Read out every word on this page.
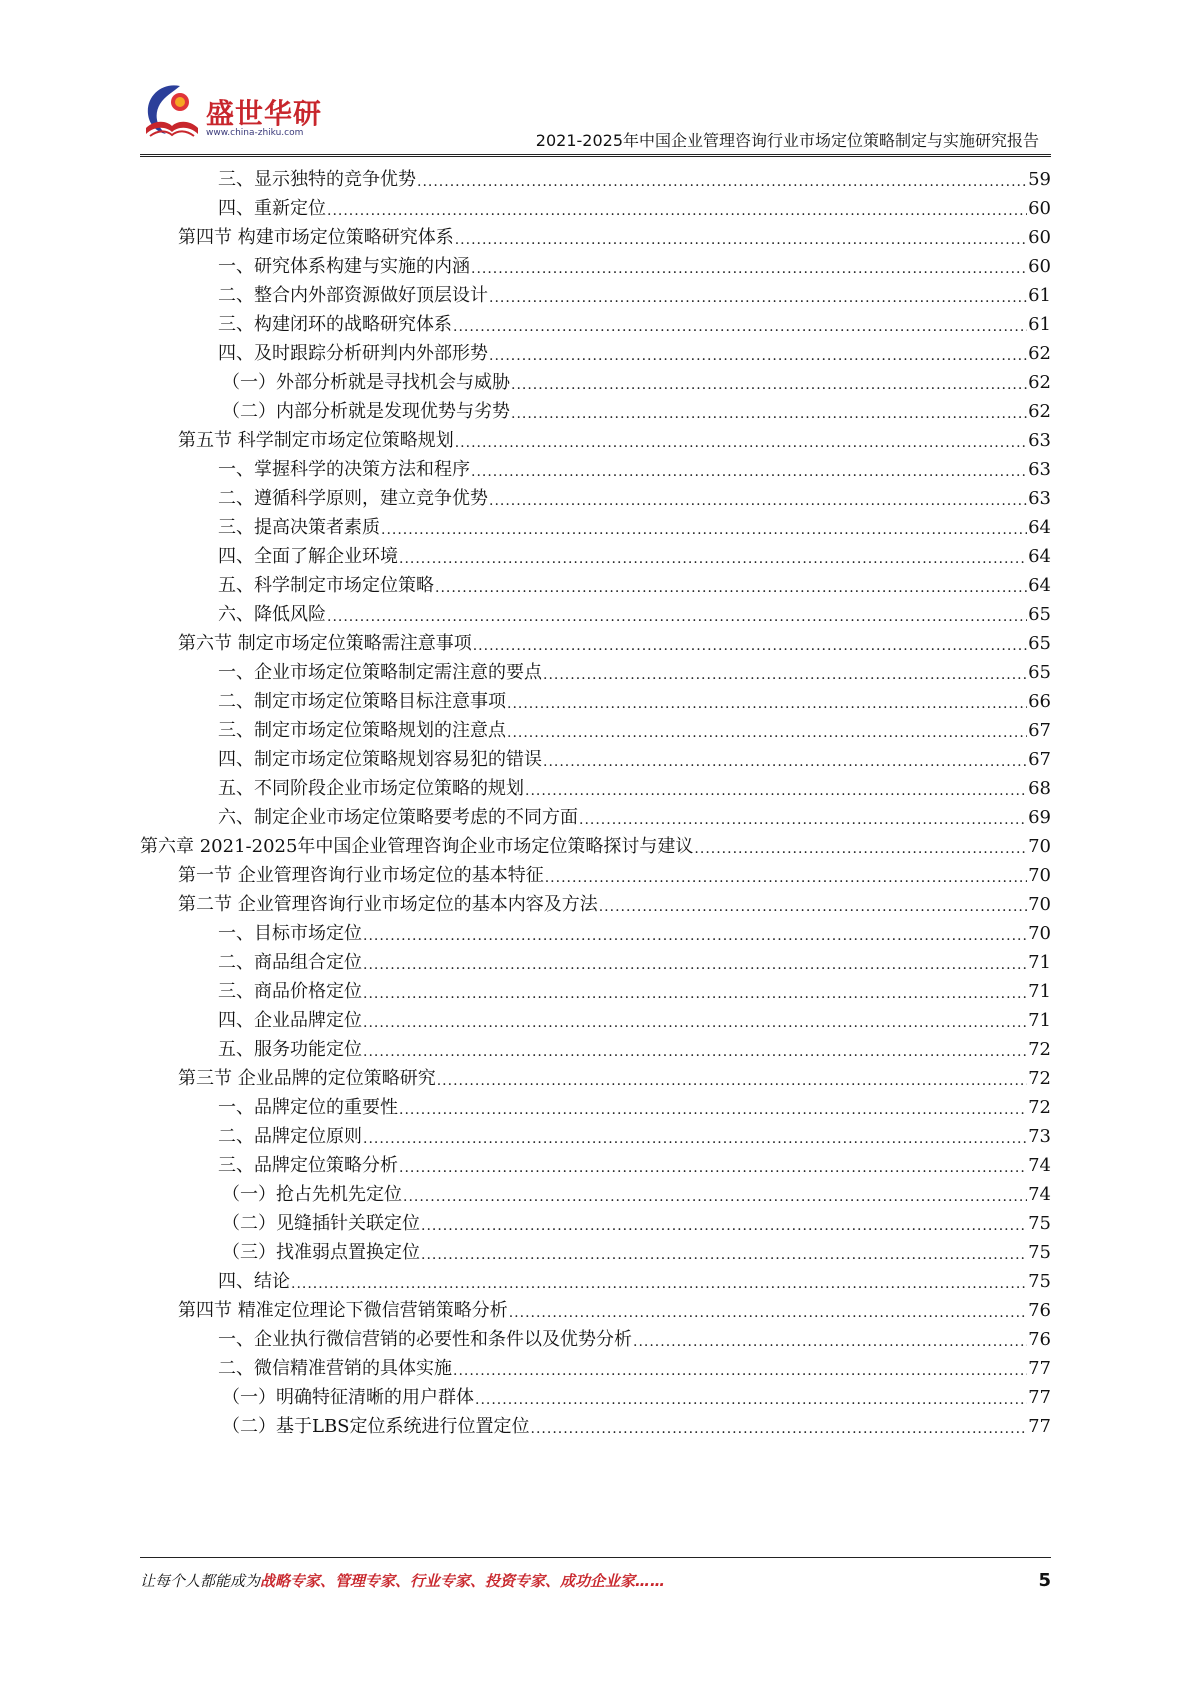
盛世华研
www.china-zhiku.com	2021-2025年中国企业管理咨询行业市场定位策略制定与实施研究报告
三、显示独特的竞争优势 .....	59
四、重新定位 .....	60
第四节 构建市场定位策略研究体系 .....	60
一、研究体系构建与实施的内涵 .....	60
二、整合内外部资源做好顶层设计 .....	61
三、构建闭环的战略研究体系 .....	61
四、及时跟踪分析研判内外部形势 .....	62
（一）外部分析就是寻找机会与威胁 .....	62
（二）内部分析就是发现优势与劣势 .....	62
第五节 科学制定市场定位策略规划 .....	63
一、掌握科学的决策方法和程序 .....	63
二、遵循科学原则，建立竞争优势 .....	63
三、提高决策者素质 .....	64
四、全面了解企业环境 .....	64
五、科学制定市场定位策略 .....	64
六、降低风险 .....	65
第六节 制定市场定位策略需注意事项 .....	65
一、企业市场定位策略制定需注意的要点 .....	65
二、制定市场定位策略目标注意事项 .....	66
三、制定市场定位策略规划的注意点 .....	67
四、制定市场定位策略规划容易犯的错误 .....	67
五、不同阶段企业市场定位策略的规划 .....	68
六、制定企业市场定位策略要考虑的不同方面 .....	69
第六章 2021-2025年中国企业管理咨询企业市场定位策略探讨与建议 .....	70
第一节 企业管理咨询行业市场定位的基本特征 .....	70
第二节 企业管理咨询行业市场定位的基本内容及方法 .....	70
一、目标市场定位 .....	70
二、商品组合定位 .....	71
三、商品价格定位 .....	71
四、企业品牌定位 .....	71
五、服务功能定位 .....	72
第三节 企业品牌的定位策略研究 .....	72
一、品牌定位的重要性 .....	72
二、品牌定位原则 .....	73
三、品牌定位策略分析 .....	74
（一）抢占先机先定位 .....	74
（二）见缝插针关联定位 .....	75
（三）找准弱点置换定位 .....	75
四、结论 .....	75
第四节 精准定位理论下微信营销策略分析 .....	76
一、企业执行微信营销的必要性和条件以及优势分析 .....	76
二、微信精准营销的具体实施 .....	77
（一）明确特征清晰的用户群体 .....	77
（二）基于LBS定位系统进行位置定位 .....	77
让每个人都能成为战略专家、管理专家、行业专家、投资专家、成功企业家……	5
